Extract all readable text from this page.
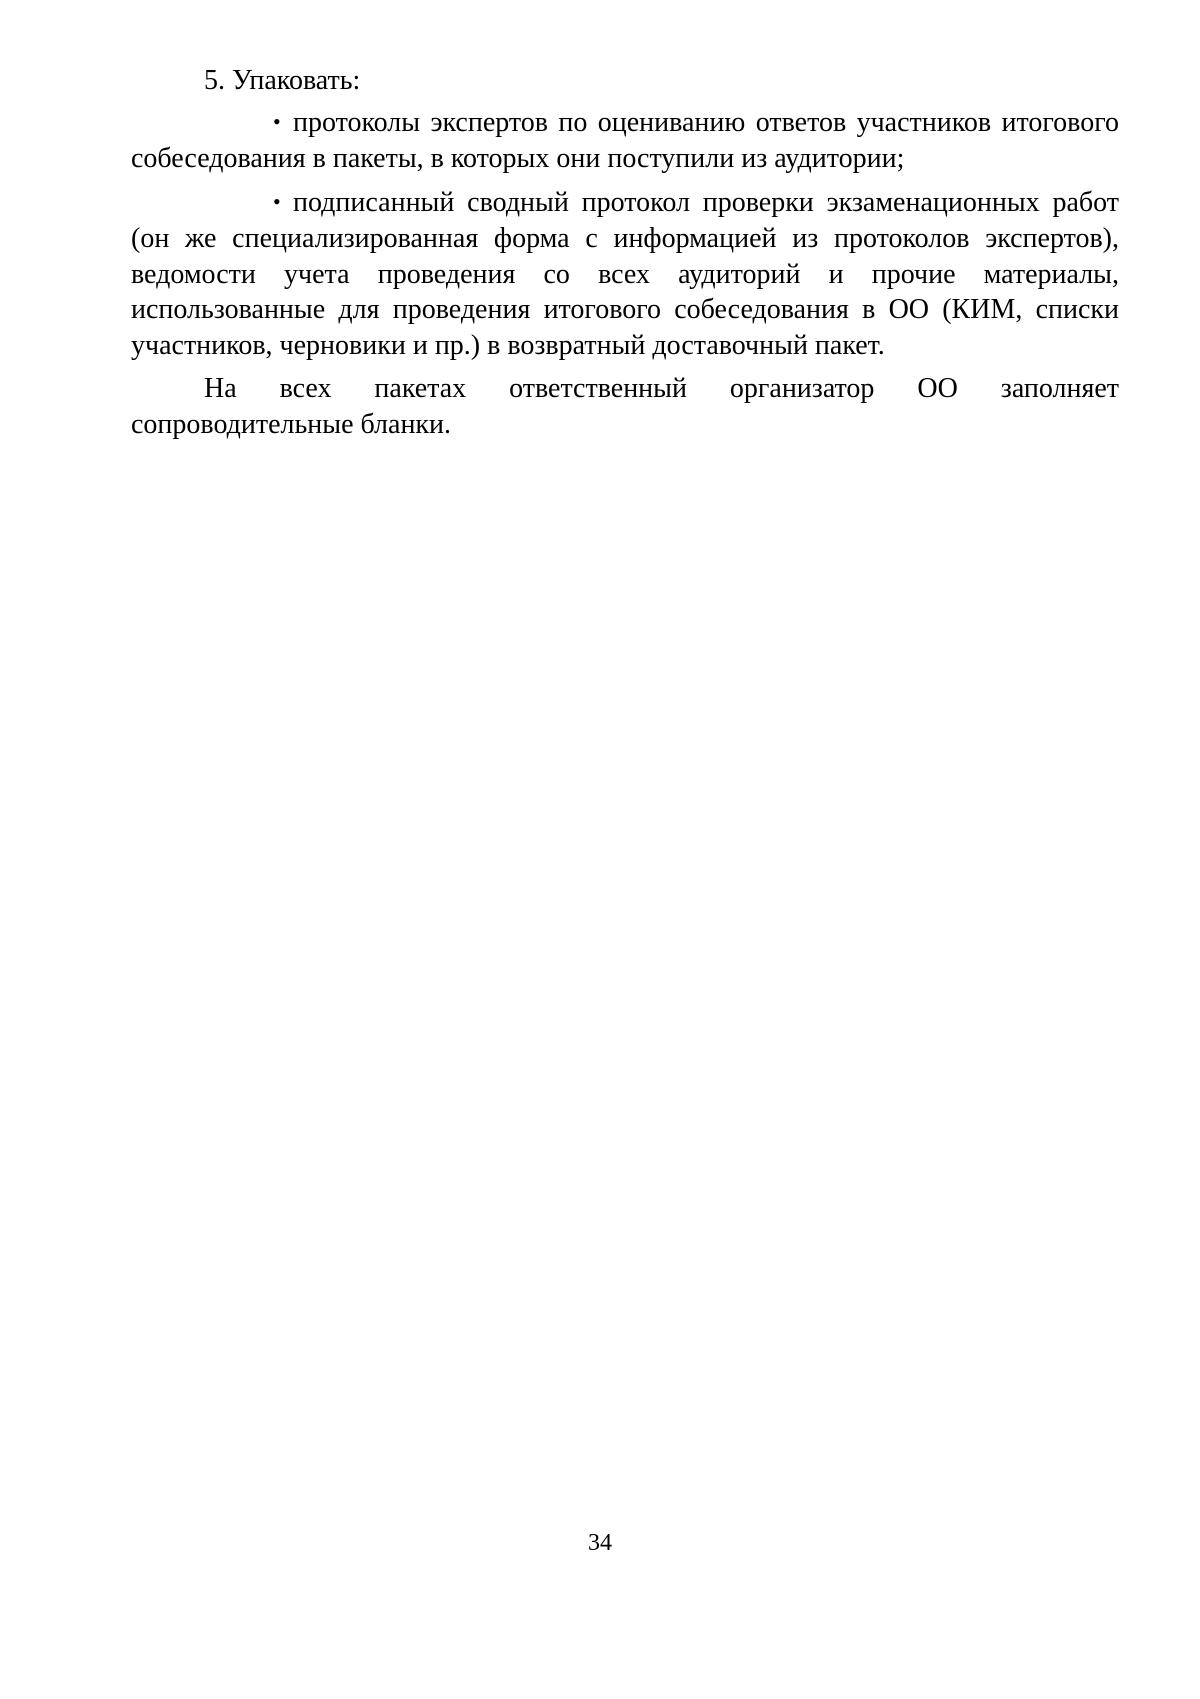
5. Упаковать:
• протоколы экспертов по оцениванию ответов участников итогового
собеседования в пакеты, в которых они поступили из аудитории;
• подписанный сводный протокол проверки экзаменационных работ
(он же специализированная форма с информацией из протоколов экспертов),
ведомости учета проведения со всех аудиторий и прочие материалы,
использованные для проведения итогового собеседования в ОО (КИМ, списки
участников, черновики и пр.) в возвратный доставочный пакет.
На всех пакетах ответственный организатор ОО заполняет
сопроводительные бланки.
34
